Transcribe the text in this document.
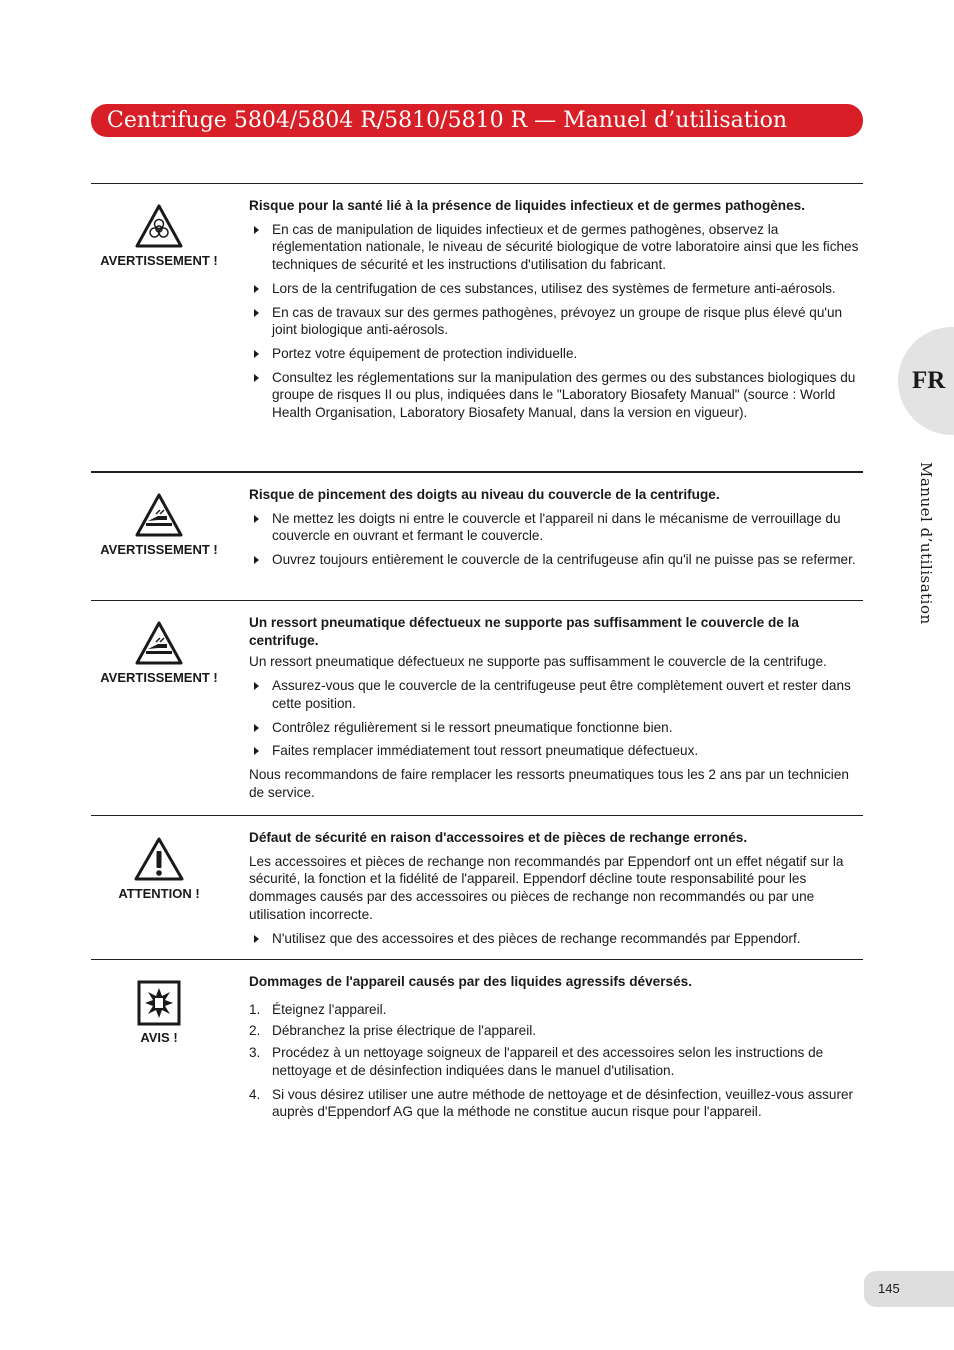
Centrifuge 5804/5804 R/5810/5810 R — Manuel d’utilisation
FR
Manuel d’utilisation
AVERTISSEMENT !
Risque pour la santé lié à la présence de liquides infectieux et de germes pathogènes.
En cas de manipulation de liquides infectieux et de germes pathogènes, observez la réglementation nationale, le niveau de sécurité biologique de votre laboratoire ainsi que les fiches techniques de sécurité et les instructions d'utilisation du fabricant.
Lors de la centrifugation de ces substances, utilisez des systèmes de fermeture anti-aérosols.
En cas de travaux sur des germes pathogènes, prévoyez un groupe de risque plus élevé qu'un joint biologique anti-aérosols.
Portez votre équipement de protection individuelle.
Consultez les réglementations sur la manipulation des germes ou des substances biologiques du groupe de risques II ou plus, indiquées dans le "Laboratory Biosafety Manual" (source : World Health Organisation, Laboratory Biosafety Manual, dans la version en vigueur).
AVERTISSEMENT !
Risque de pincement des doigts au niveau du couvercle de la centrifuge.
Ne mettez les doigts ni entre le couvercle et l'appareil ni dans le mécanisme de verrouillage du couvercle en ouvrant et fermant le couvercle.
Ouvrez toujours entièrement le couvercle de la centrifugeuse afin qu'il ne puisse pas se refermer.
AVERTISSEMENT !
Un ressort pneumatique défectueux ne supporte pas suffisamment le couvercle de la centrifuge.

Un ressort pneumatique défectueux ne supporte pas suffisamment le couvercle de la centrifuge.

Assurez-vous que le couvercle de la centrifugeuse peut être complètement ouvert et rester dans cette position.
Contrôlez régulièrement si le ressort pneumatique fonctionne bien.
Faites remplacer immédiatement tout ressort pneumatique défectueux.

Nous recommandons de faire remplacer les ressorts pneumatiques tous les 2 ans par un technicien de service.

ATTENTION !
Défaut de sécurité en raison d'accessoires et de pièces de rechange erronés.

Les accessoires et pièces de rechange non recommandés par Eppendorf ont un effet négatif sur la sécurité, la fonction et la fidélité de l'appareil. Eppendorf décline toute responsabilité pour les dommages causés par des accessoires ou pièces de rechange non recommandés ou par une utilisation incorrecte.

N'utilisez que des accessoires et des pièces de rechange recommandés par Eppendorf.
AVIS !
Dommages de l'appareil causés par des liquides agressifs déversés.
1. Éteignez l'appareil.
2. Débranchez la prise électrique de l'appareil.
3. Procédez à un nettoyage soigneux de l'appareil et des accessoires selon les instructions de nettoyage et de désinfection indiquées dans le manuel d'utilisation.
4. Si vous désirez utiliser une autre méthode de nettoyage et de désinfection, veuillez-vous assurer auprès d'Eppendorf AG que la méthode ne constitue aucun risque pour l'appareil.
145
